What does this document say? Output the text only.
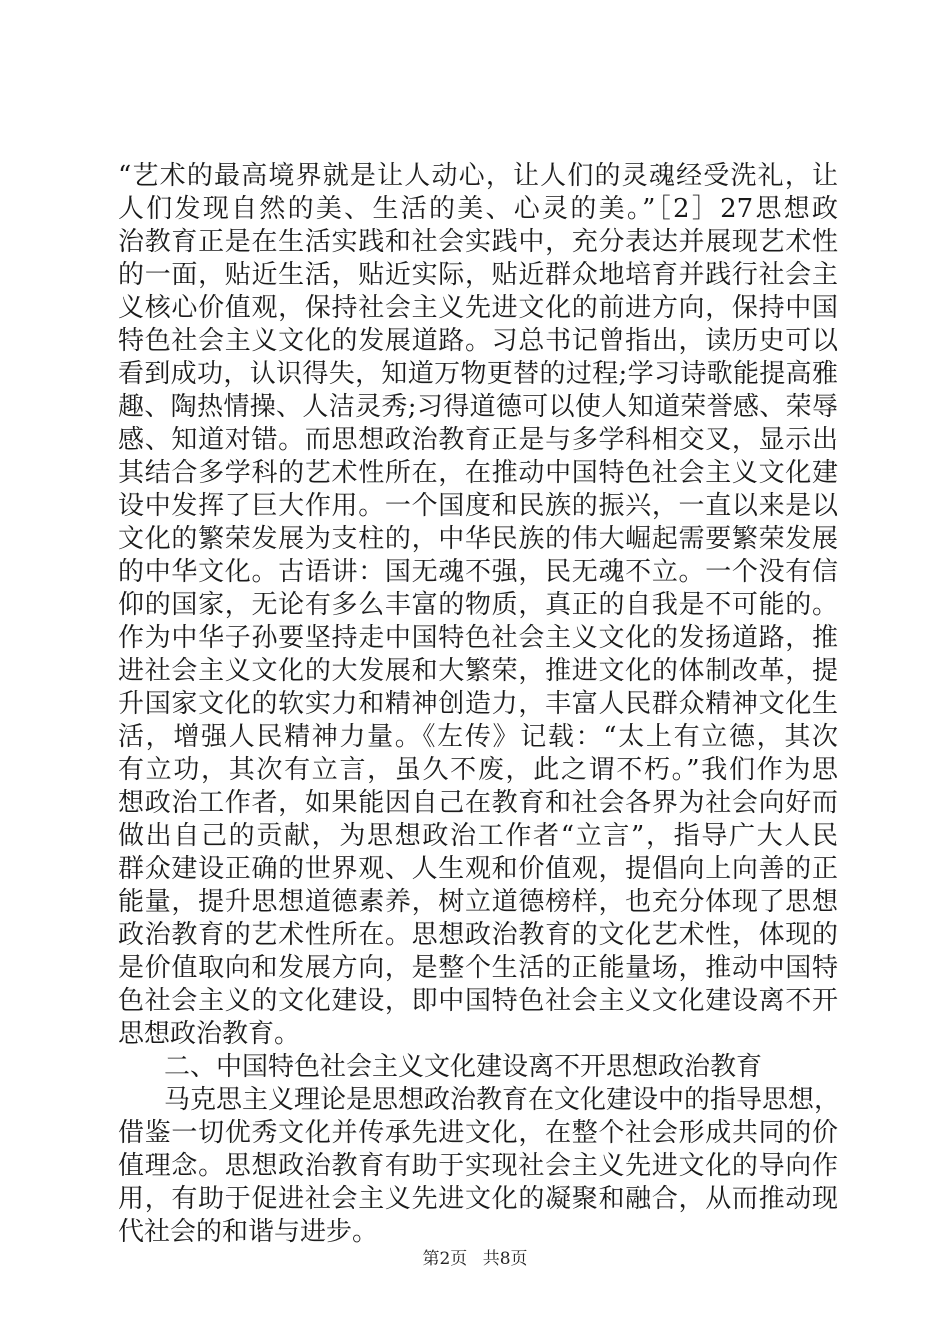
“艺术的最高境界就是让人动心，让人们的灵魂经受洗礼，让
人们发现自然的美、生活的美、心灵的美。”［2］27思想政
治教育正是在生活实践和社会实践中，充分表达并展现艺术性
的一面，贴近生活，贴近实际，贴近群众地培育并践行社会主
义核心价值观，保持社会主义先进文化的前进方向，保持中国
特色社会主义文化的发展道路。习总书记曾指出，读历史可以
看到成功，认识得失，知道万物更替的过程;学习诗歌能提高雅
趣、陶热情操、人洁灵秀;习得道德可以使人知道荣誉感、荣辱
感、知道对错。而思想政治教育正是与多学科相交叉，显示出
其结合多学科的艺术性所在，在推动中国特色社会主义文化建
设中发挥了巨大作用。一个国度和民族的振兴，一直以来是以
文化的繁荣发展为支柱的，中华民族的伟大崛起需要繁荣发展
的中华文化。古语讲：国无魂不强，民无魂不立。一个没有信
仰的国家，无论有多么丰富的物质，真正的自我是不可能的。
作为中华子孙要坚持走中国特色社会主义文化的发扬道路，推
进社会主义文化的大发展和大繁荣，推进文化的体制改革，提
升国家文化的软实力和精神创造力，丰富人民群众精神文化生
活，增强人民精神力量。《左传》记载：“太上有立德，其次
有立功，其次有立言，虽久不废，此之谓不朽。”我们作为思
想政治工作者，如果能因自己在教育和社会各界为社会向好而
做出自己的贡献，为思想政治工作者“立言”，指导广大人民
群众建设正确的世界观、人生观和价值观，提倡向上向善的正
能量，提升思想道德素养，树立道德榜样，也充分体现了思想
政治教育的艺术性所在。思想政治教育的文化艺术性，体现的
是价值取向和发展方向，是整个生活的正能量场，推动中国特
色社会主义的文化建设，即中国特色社会主义文化建设离不开
思想政治教育。
二、中国特色社会主义文化建设离不开思想政治教育
马克思主义理论是思想政治教育在文化建设中的指导思想，
借鉴一切优秀文化并传承先进文化，在整个社会形成共同的价
值理念。思想政治教育有助于实现社会主义先进文化的导向作
用，有助于促进社会主义先进文化的凝聚和融合，从而推动现
代社会的和谐与进步。
第2页 共8页
